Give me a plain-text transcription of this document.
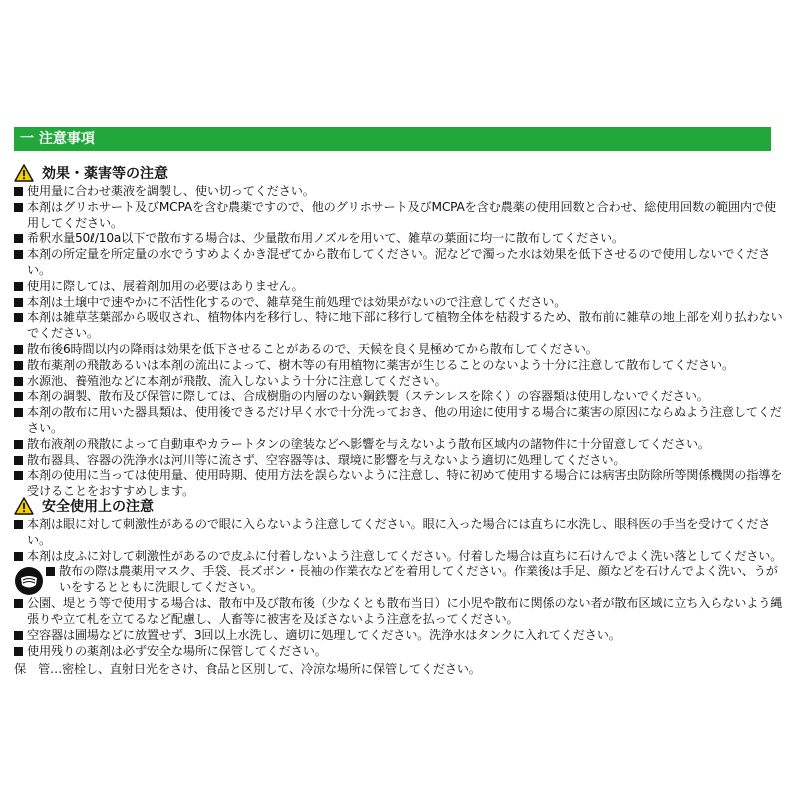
一 注意事項
効果・薬害等の注意

使用量に合わせ薬液を調製し、使い切ってください。

本剤はグリホサート及びMCPAを含む農薬ですので、他のグリホサート及びMCPAを含む農薬の使用回数と合わせ、総使用回数の範囲内で使用してください。

希釈水量50ℓ/10a以下で散布する場合は、少量散布用ノズルを用いて、雑草の葉面に均一に散布してください。

本剤の所定量を所定量の水でうすめよくかき混ぜてから散布してください。泥などで濁った水は効果を低下させるので使用しないでください。

使用に際しては、展着剤加用の必要はありません。

本剤は土壌中で速やかに不活性化するので、雑草発生前処理では効果がないので注意してください。

本剤は雑草茎葉部から吸収され、植物体内を移行し、特に地下部に移行して植物全体を枯殺するため、散布前に雑草の地上部を刈り払わないでください。

散布後6時間以内の降雨は効果を低下させることがあるので、天候を良く見極めてから散布してください。

散布薬剤の飛散あるいは本剤の流出によって、樹木等の有用植物に薬害が生じることのないよう十分に注意して散布してください。

水源池、養殖池などに本剤が飛散、流入しないよう十分に注意してください。

本剤の調製、散布及び保管に際しては、合成樹脂の内層のない鋼鉄製（ステンレスを除く）の容器類は使用しないでください。

本剤の散布に用いた器具類は、使用後できるだけ早く水で十分洗っておき、他の用途に使用する場合に薬害の原因にならぬよう注意してください。

散布液剤の飛散によって自動車やカラートタンの塗装などへ影響を与えないよう散布区域内の諸物件に十分留意してください。

散布器具、容器の洗浄水は河川等に流さず、空容器等は、環境に影響を与えないよう適切に処理してください。

本剤の使用に当っては使用量、使用時期、使用方法を誤らないように注意し、特に初めて使用する場合には病害虫防除所等関係機関の指導を受けることをおすすめします。

安全使用上の注意

本剤は眼に対して刺激性があるので眼に入らないよう注意してください。眼に入った場合には直ちに水洗し、眼科医の手当を受けてください。

本剤は皮ふに対して刺激性があるので皮ふに付着しないよう注意してください。付着した場合は直ちに石けんでよく洗い落としてください。

散布の際は農薬用マスク、手袋、長ズボン・長袖の作業衣などを着用してください。作業後は手足、顔などを石けんでよく洗い、うがいをするとともに洗眼してください。

公園、堤とう等で使用する場合は、散布中及び散布後（少なくとも散布当日）に小児や散布に関係のない者が散布区域に立ち入らないよう縄張りや立て札を立てるなど配慮し、人畜等に被害を及ぼさないよう注意を払ってください。

空容器は圃場などに放置せず、3回以上水洗し、適切に処理してください。洗浄水はタンクに入れてください。

使用残りの薬剤は必ず安全な場所に保管してください。

保　管…密栓し、直射日光をさけ、食品と区別して、冷涼な場所に保管してください。
